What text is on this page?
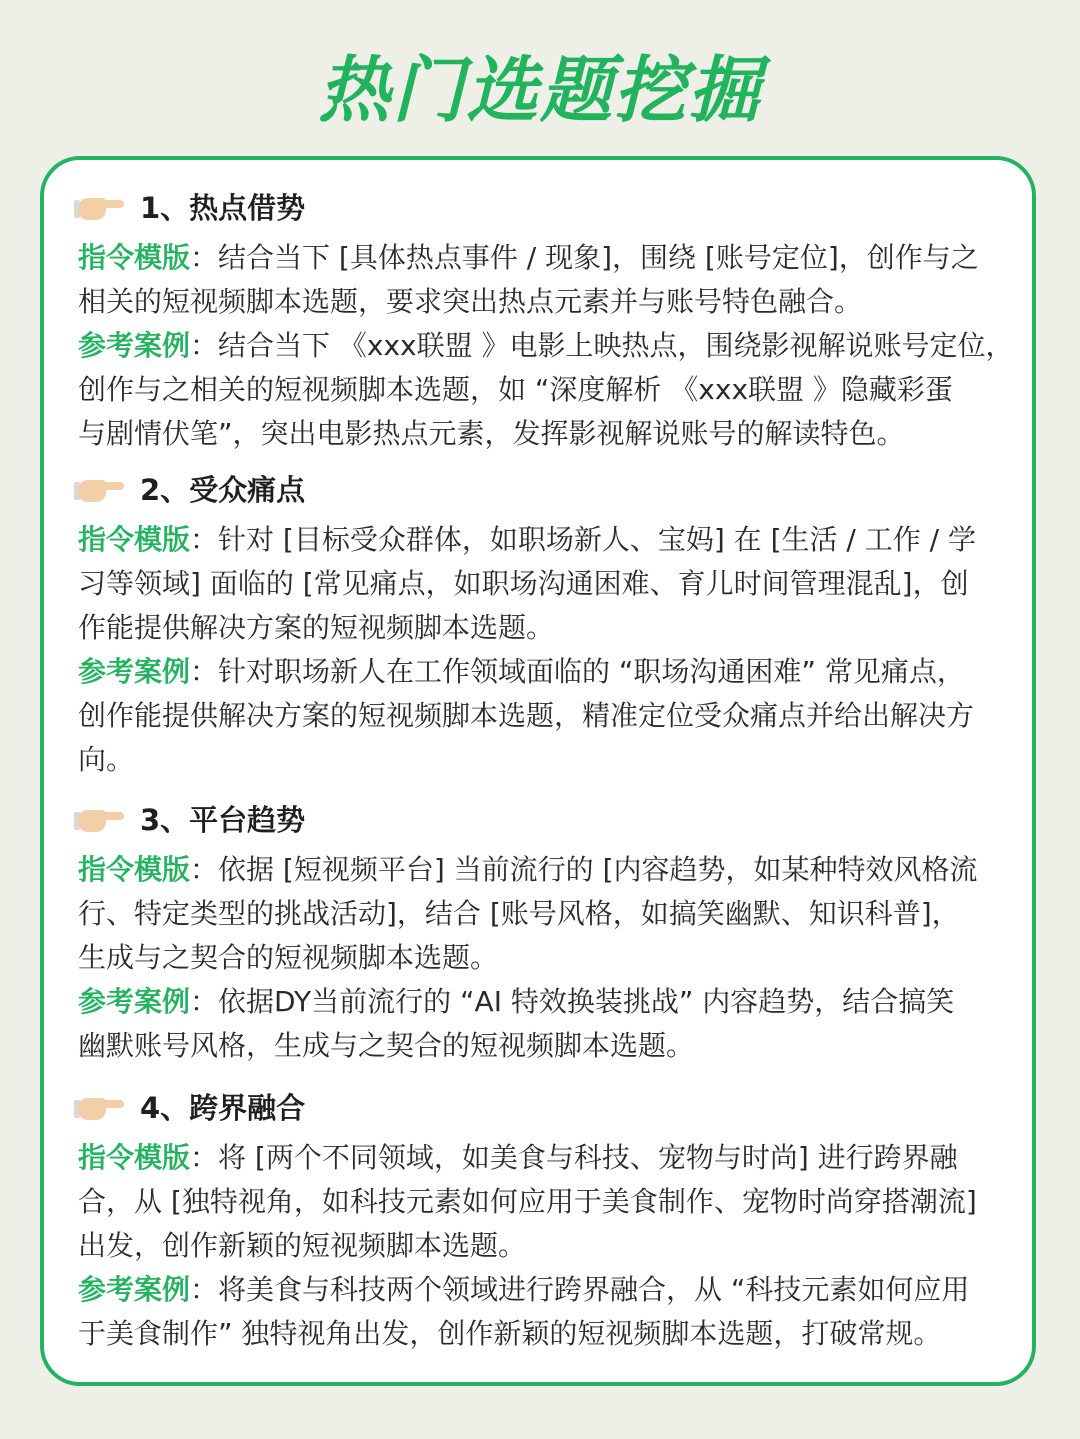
热门选题挖掘
1、热点借势
指令模版：结合当下 [具体热点事件 / 现象]，围绕 [账号定位]，创作与之
相关的短视频脚本选题，要求突出热点元素并与账号特色融合。
参考案例：结合当下 《xxx联盟 》电影上映热点，围绕影视解说账号定位，
创作与之相关的短视频脚本选题，如 “深度解析 《xxx联盟 》隐藏彩蛋
与剧情伏笔”，突出电影热点元素，发挥影视解说账号的解读特色。
2、受众痛点
指令模版：针对 [目标受众群体，如职场新人、宝妈] 在 [生活 / 工作 / 学
习等领域] 面临的 [常见痛点，如职场沟通困难、育儿时间管理混乱]，创
作能提供解决方案的短视频脚本选题。
参考案例：针对职场新人在工作领域面临的 “职场沟通困难” 常见痛点，
创作能提供解决方案的短视频脚本选题，精准定位受众痛点并给出解决方
向。
3、平台趋势
指令模版：依据 [短视频平台] 当前流行的 [内容趋势，如某种特效风格流
行、特定类型的挑战活动]，结合 [账号风格，如搞笑幽默、知识科普]，
生成与之契合的短视频脚本选题。
参考案例：依据DY当前流行的 “AI 特效换装挑战” 内容趋势，结合搞笑
幽默账号风格，生成与之契合的短视频脚本选题。
4、跨界融合
指令模版：将 [两个不同领域，如美食与科技、宠物与时尚] 进行跨界融
合，从 [独特视角，如科技元素如何应用于美食制作、宠物时尚穿搭潮流]
出发，创作新颖的短视频脚本选题。
参考案例：将美食与科技两个领域进行跨界融合，从 “科技元素如何应用
于美食制作” 独特视角出发，创作新颖的短视频脚本选题，打破常规。
